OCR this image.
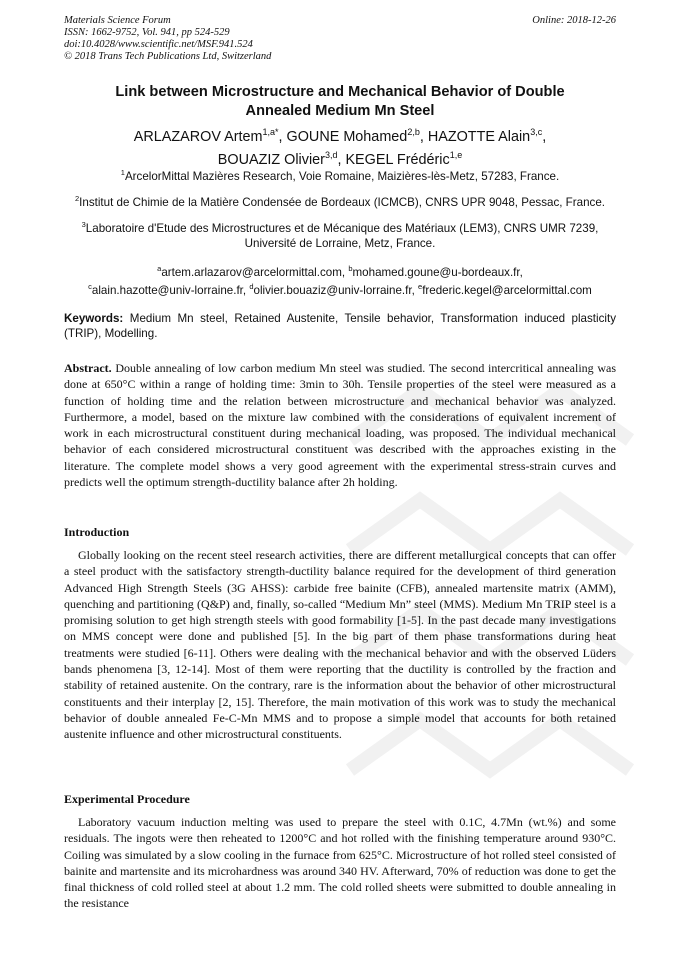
Materials Science Forum
ISSN: 1662-9752, Vol. 941, pp 524-529
doi:10.4028/www.scientific.net/MSF.941.524
© 2018 Trans Tech Publications Ltd, Switzerland
Online: 2018-12-26
Link between Microstructure and Mechanical Behavior of Double
Annealed Medium Mn Steel
ARLAZAROV Artem$^{1,a*}$, GOUNE Mohamed$^{2,b}$, HAZOTTE Alain$^{3,c}$,
BOUAZIZ Olivier$^{3,d}$, KEGEL Frédéric$^{1,e}$

$^1$ArcelorMittal Mazières Research, Voie Romaine, Maizières-lès-Metz, 57283, France.

$^2$Institut de Chimie de la Matière Condensée de Bordeaux (ICMCB), CNRS UPR 9048, Pessac, France.

$^3$Laboratoire d'Etude des Microstructures et de Mécanique des Matériaux (LEM3), CNRS UMR 7239, Université de Lorraine, Metz, France.

$^a$artem.arlazarov@arcelormittal.com, $^b$mohamed.goune@u-bordeaux.fr,
$^c$alain.hazotte@univ-lorraine.fr, $^d$olivier.bouaziz@univ-lorraine.fr, $^e$frederic.kegel@arcelormittal.com
Keywords: Medium Mn steel, Retained Austenite, Tensile behavior, Transformation induced plasticity (TRIP), Modelling.
Abstract. Double annealing of low carbon medium Mn steel was studied. The second intercritical annealing was done at 650°C within a range of holding time: 3min to 30h. Tensile properties of the steel were measured as a function of holding time and the relation between microstructure and mechanical behavior was analyzed. Furthermore, a model, based on the mixture law combined with the considerations of equivalent increment of work in each microstructural constituent during mechanical loading, was proposed. The individual mechanical behavior of each considered microstructural constituent was described with the approaches existing in the literature. The complete model shows a very good agreement with the experimental stress-strain curves and predicts well the optimum strength-ductility balance after 2h holding.
Introduction

Globally looking on the recent steel research activities, there are different metallurgical concepts that can offer a steel product with the satisfactory strength-ductility balance required for the development of third generation Advanced High Strength Steels (3G AHSS): carbide free bainite (CFB), annealed martensite matrix (AMM), quenching and partitioning (Q&P) and, finally, so-called “Medium Mn” steel (MMS). Medium Mn TRIP steel is a promising solution to get high strength steels with good formability [1-5]. In the past decade many investigations on MMS concept were done and published [5]. In the big part of them phase transformations during heat treatments were studied [6-11]. Others were dealing with the mechanical behavior and with the observed Lüders bands phenomena [3, 12-14]. Most of them were reporting that the ductility is controlled by the fraction and stability of retained austenite. On the contrary, rare is the information about the behavior of other microstructural constituents and their interplay [2, 15]. Therefore, the main motivation of this work was to study the mechanical behavior of double annealed Fe-C-Mn MMS and to propose a simple model that accounts for both retained austenite influence and other microstructural constituents.

Experimental Procedure

Laboratory vacuum induction melting was used to prepare the steel with 0.1C, 4.7Mn (wt.%) and some residuals. The ingots were then reheated to 1200°C and hot rolled with the finishing temperature around 930°C. Coiling was simulated by a slow cooling in the furnace from 625°C. Microstructure of hot rolled steel consisted of bainite and martensite and its microhardness was around 340 HV. Afterward, 70% of reduction was done to get the final thickness of cold rolled steel at about 1.2 mm. The cold rolled sheets were submitted to double annealing in the resistance
